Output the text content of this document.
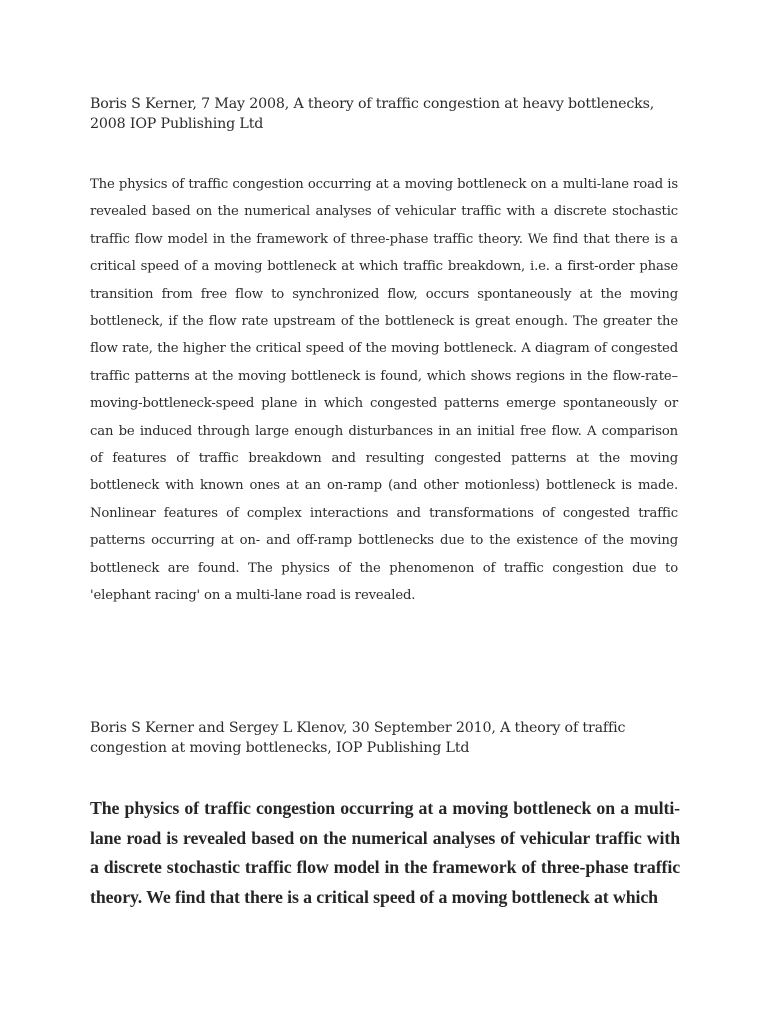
Boris S Kerner, 7 May 2008, A theory of traffic congestion at heavy bottlenecks, 2008 IOP Publishing Ltd

The physics of traffic congestion occurring at a moving bottleneck on a multi-lane road is revealed based on the numerical analyses of vehicular traffic with a discrete stochastic traffic flow model in the framework of three-phase traffic theory. We find that there is a critical speed of a moving bottleneck at which traffic breakdown, i.e. a first-order phase transition from free flow to synchronized flow, occurs spontaneously at the moving bottleneck, if the flow rate upstream of the bottleneck is great enough. The greater the flow rate, the higher the critical speed of the moving bottleneck. A diagram of congested traffic patterns at the moving bottleneck is found, which shows regions in the flow-rate–moving-bottleneck-speed plane in which congested patterns emerge spontaneously or can be induced through large enough disturbances in an initial free flow. A comparison of features of traffic breakdown and resulting congested patterns at the moving bottleneck with known ones at an on-ramp (and other motionless) bottleneck is made. Nonlinear features of complex interactions and transformations of congested traffic patterns occurring at on- and off-ramp bottlenecks due to the existence of the moving bottleneck are found. The physics of the phenomenon of traffic congestion due to 'elephant racing' on a multi-lane road is revealed.

Boris S Kerner and Sergey L Klenov, 30 September 2010, A theory of traffic congestion at moving bottlenecks, IOP Publishing Ltd

The physics of traffic congestion occurring at a moving bottleneck on a multi-lane road is revealed based on the numerical analyses of vehicular traffic with a discrete stochastic traffic flow model in the framework of three-phase traffic theory. We find that there is a critical speed of a moving bottleneck at which
